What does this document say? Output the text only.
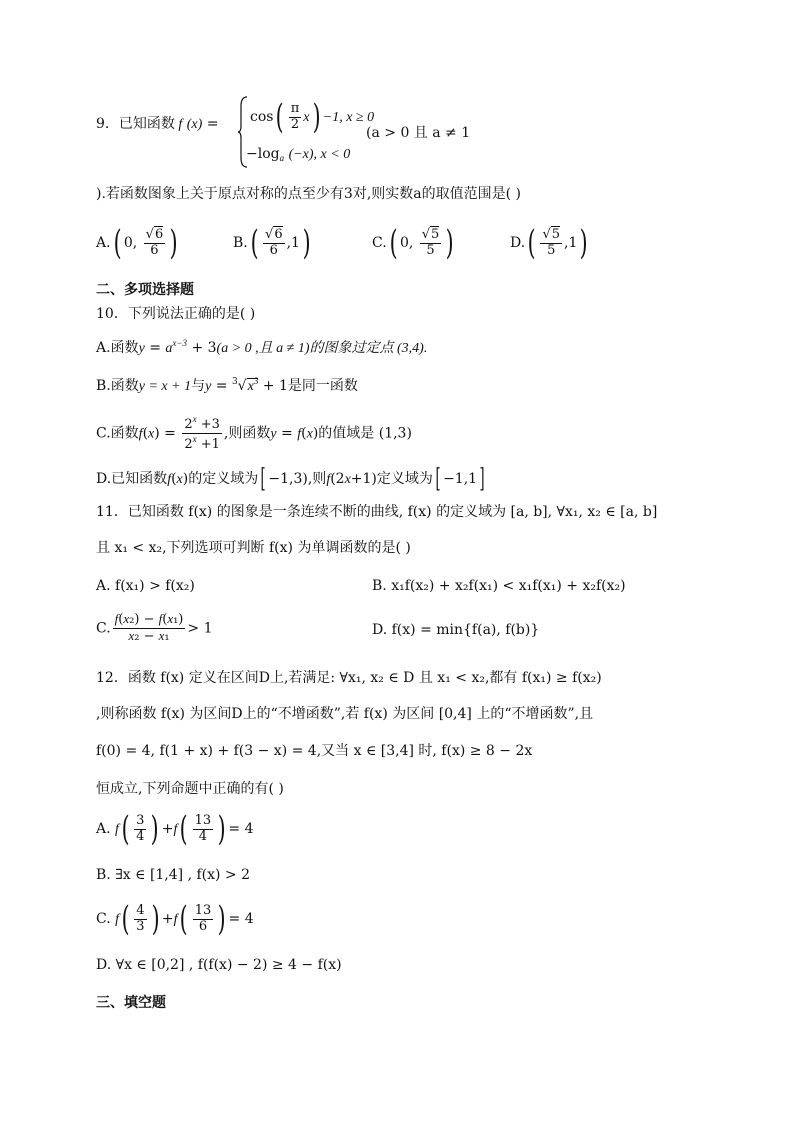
9．已知函数 f $(x) = \cos( \frac{\pi}{2} x) -1$, x ≥ 0
$-\log_a$ (−x), x < 0
(a > 0 且 a ≠ 1
).若函数图象上关于原点对称的点至少有3对,则实数a的取值范围是( )
A.( 0, $\frac{√6}{6}$ )	$B.( \frac{√6}{6} ,1)$	C.( 0, $\frac{√5}{5}$ )	$D.( \frac{√5}{5} ,1)$
二、多项选择题
10．下列说法正确的是( )
A.函数$y = a^{x-3} + 3(a > 0$ ,且 a ≠ 1)的图象过定点 (3,4).
B.函数y = x + 1与$y = ^3√x^3 + 1$是同一函数
C.函数$f(x) = \frac{2^x +3}{2^x +1}$ ,则函数y = f(x)的值域是 (1,3)
D.已知函数f(x)的定义域为[ −1,3),则f(2x+1)定义域为[ −1,1]
11．已知函数 f(x) 的图象是一条连续不断的曲线, f(x) 的定义域为 [a, b], ∀x₁, x₂ ∈ [a, b]
且 x₁ < x₂,下列选项可判断 f(x) 为单调函数的是( )
A. f(x₁) > f(x₂)	B. x₁f(x₂) + x₂f(x₁) < x₁f(x₁) + x₂f(x₂)
C. $\frac{\text{f(x₂) − f(x₁)}}{\text{x₂ − x₁}} > 1$	D. f(x) = min{f(a), f(b)}
12．函数 f(x) 定义在区间D上,若满足: ∀x₁, x₂ ∈ D 且 x₁ < x₂,都有 f(x₁) ≥ f(x₂)
,则称函数 f(x) 为区间D上的“不增函数”,若 f(x) 为区间 [0,4] 上的“不增函数”,且
f(0) = 4, f(1 + x) + f(3 − x) = 4,又当 x ∈ [3,4] 时, f(x) ≥ 8 − 2x
恒成立,下列命题中正确的有( )
A. $f( \frac{3}{4}$ ) $+f( \frac{13}{4}$ ) = 4
B. ∃x ∈ [1,4] , f(x) > 2
C. $f( \frac{4}{3}$ ) $+f( \frac{13}{6}$ ) = 4
D. ∀x ∈ [0,2] , f(f(x) − 2) ≥ 4 − f(x)
三、填空题
